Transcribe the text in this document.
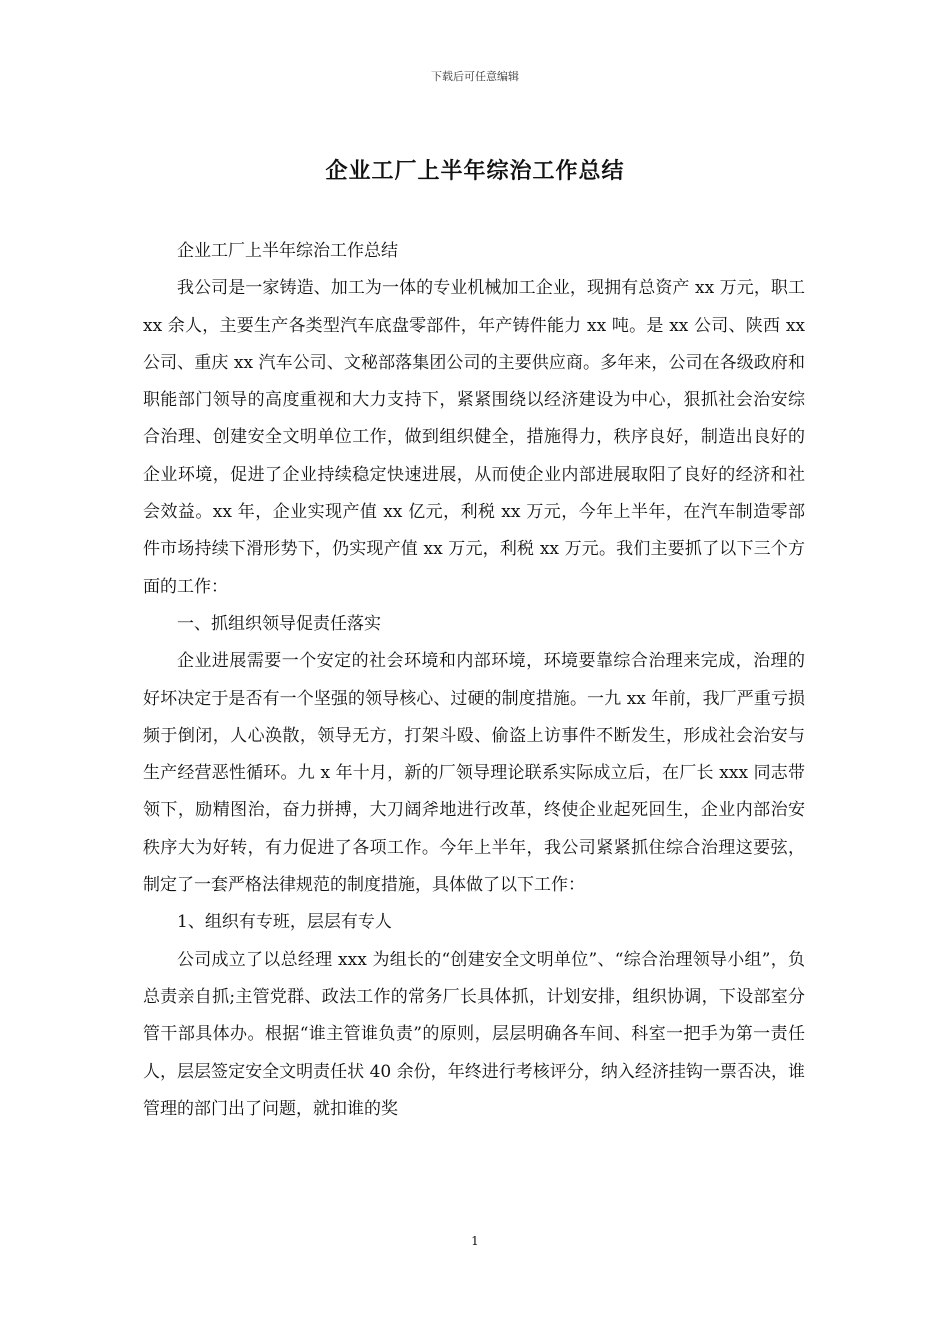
下载后可任意编辑
企业工厂上半年综治工作总结

企业工厂上半年综治工作总结

我公司是一家铸造、加工为一体的专业机械加工企业，现拥有总资产 xx 万元，职工 xx 余人，主要生产各类型汽车底盘零部件，年产铸件能力 xx 吨。是 xx 公司、陕西 xx 公司、重庆 xx 汽车公司、文秘部落集团公司的主要供应商。多年来，公司在各级政府和职能部门领导的高度重视和大力支持下，紧紧围绕以经济建设为中心，狠抓社会治安综合治理、创建安全文明单位工作，做到组织健全，措施得力，秩序良好，制造出良好的企业环境，促进了企业持续稳定快速进展，从而使企业内部进展取阳了良好的经济和社会效益。xx 年，企业实现产值 xx 亿元，利税 xx 万元，今年上半年，在汽车制造零部件市场持续下滑形势下，仍实现产值 xx 万元，利税 xx 万元。我们主要抓了以下三个方面的工作：

一、抓组织领导促责任落实

企业进展需要一个安定的社会环境和内部环境，环境要靠综合治理来完成，治理的好坏决定于是否有一个坚强的领导核心、过硬的制度措施。一九 xx 年前，我厂严重亏损频于倒闭，人心涣散，领导无方，打架斗殴、偷盗上访事件不断发生，形成社会治安与生产经营恶性循环。九 x 年十月，新的厂领导理论联系实际成立后，在厂长 xxx 同志带领下，励精图治，奋力拼搏，大刀阔斧地进行改革，终使企业起死回生，企业内部治安秩序大为好转，有力促进了各项工作。今年上半年，我公司紧紧抓住综合治理这要弦，制定了一套严格法律规范的制度措施，具体做了以下工作：

1、组织有专班，层层有专人

公司成立了以总经理 xxx 为组长的“创建安全文明单位”、“综合治理领导小组”，负总责亲自抓;主管党群、政法工作的常务厂长具体抓，计划安排，组织协调，下设部室分管干部具体办。根据“谁主管谁负责”的原则，层层明确各车间、科室一把手为第一责任人，层层签定安全文明责任状 40 余份，年终进行考核评分，纳入经济挂钩一票否决，谁管理的部门出了问题，就扣谁的奖

1
